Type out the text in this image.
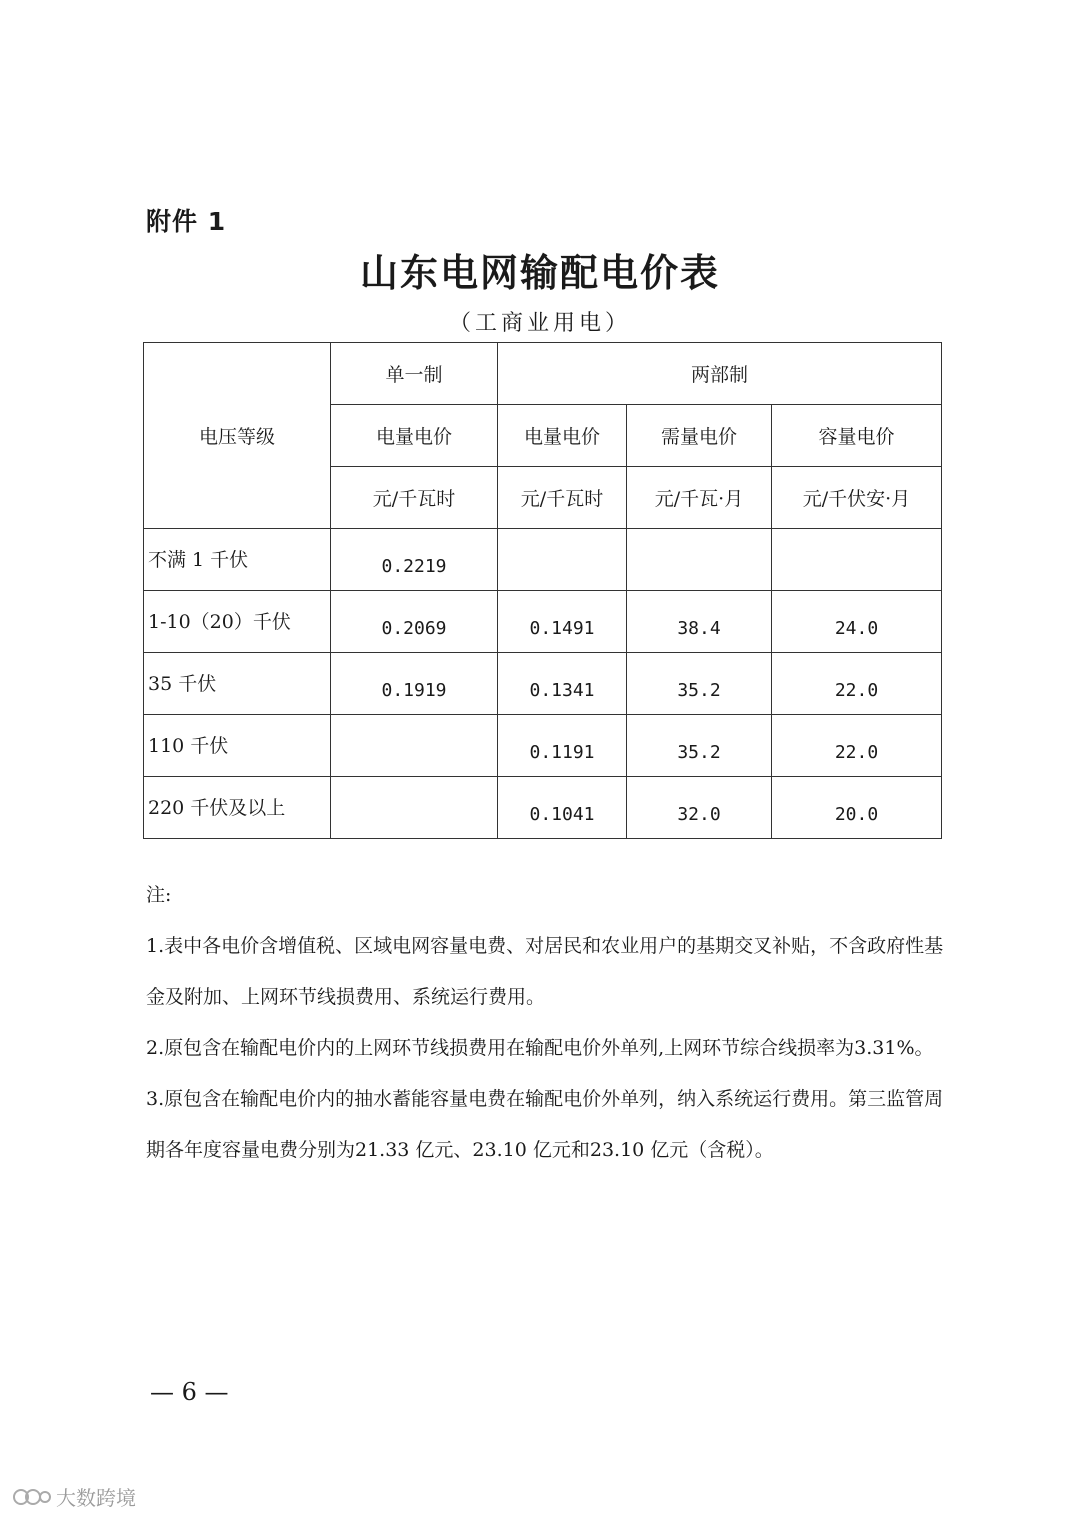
附件 1
山东电网输配电价表
（工商业用电）
电压等级	单一制	两部制		
	电量电价	电量电价	需量电价	容量电价
	元/千瓦时	元/千瓦时	元/千瓦·月	元/千伏安·月
不满 1 千伏	0.2219			
1-10（20）千伏	0.2069	0.1491	38.4	24.0
35 千伏	0.1919	0.1341	35.2	22.0
110 千伏		0.1191	35.2	22.0
220 千伏及以上		0.1041	32.0	20.0

注:

1.表中各电价含增值税、区域电网容量电费、对居民和农业用户的基期交叉补贴，不含政府性基金及附加、上网环节线损费用、系统运行费用。

2.原包含在输配电价内的上网环节线损费用在输配电价外单列,上网环节综合线损率为3.31%。

3.原包含在输配电价内的抽水蓄能容量电费在输配电价外单列，纳入系统运行费用。第三监管周期各年度容量电费分别为21.33 亿元、23.10 亿元和23.10 亿元（含税）。

— 6 —
大数跨境
